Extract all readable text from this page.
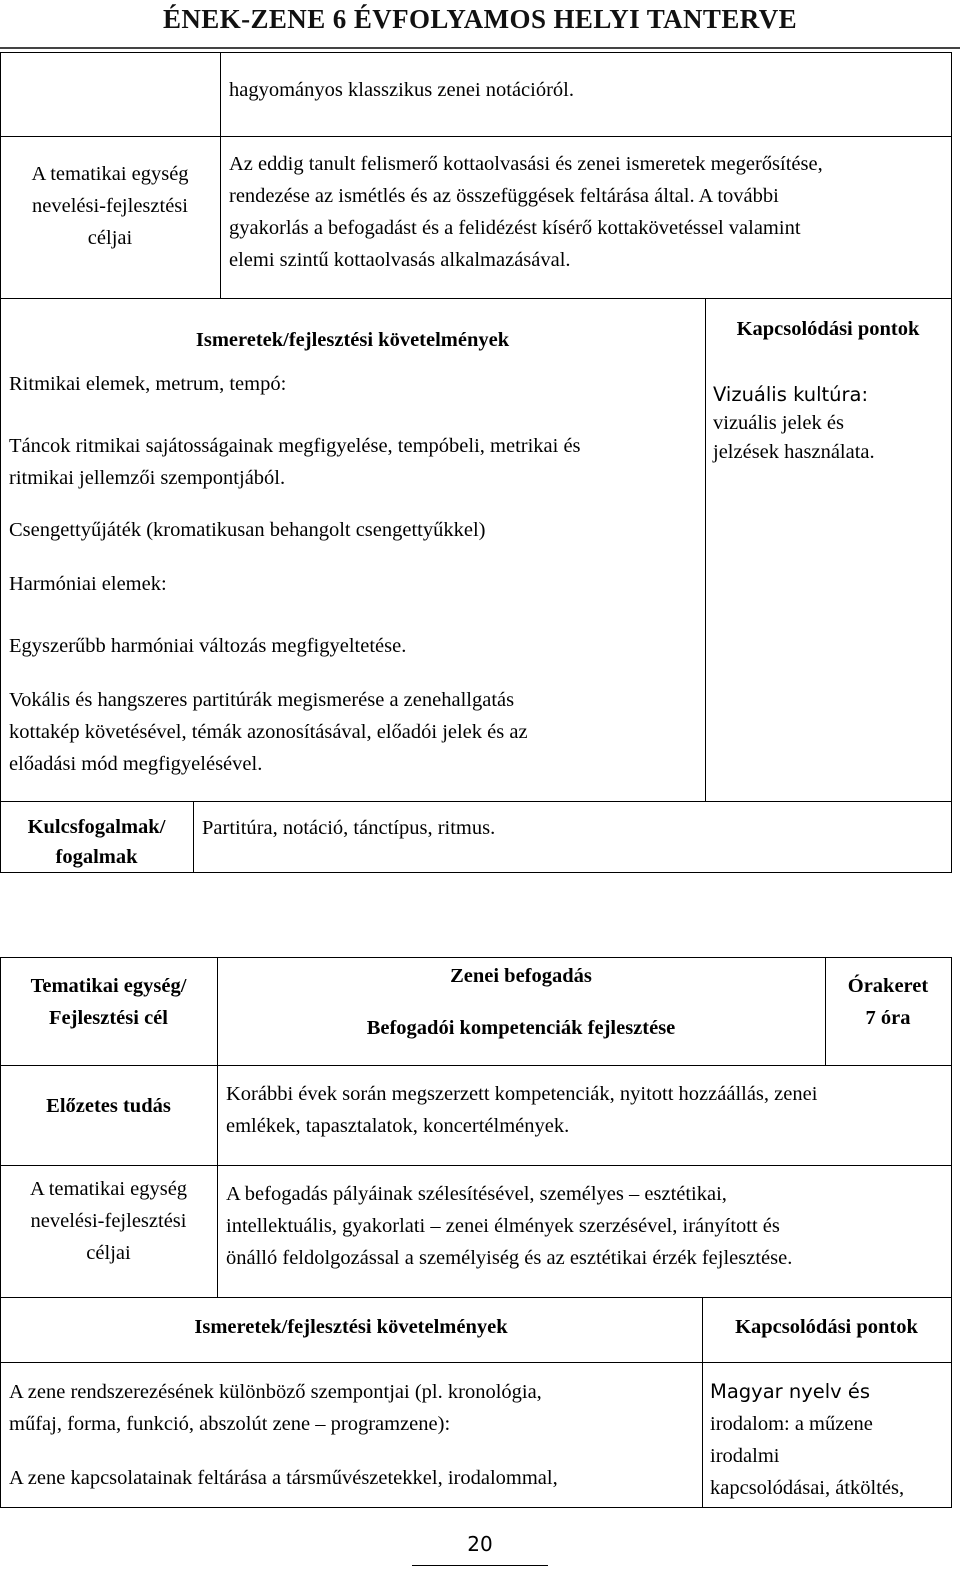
ÉNEK-ZENE 6 ÉVFOLYAMOS HELYI TANTERVE
hagyományos klasszikus zenei notációról.

A tematikai egység

nevelési-fejlesztési

céljai

Az eddig tanult felismerő kottaolvasási és zenei ismeretek megerősítése,

rendezése az ismétlés és az összefüggések feltárása által. A további

gyakorlás a befogadást és a felidézést kísérő kottakövetéssel valamint

elemi szintű kottaolvasás alkalmazásával.

Ismeretek/fejlesztési követelmények	Kapcsolódási pontok
Ritmikai elemek, metrum, tempó:
Táncok ritmikai sajátosságainak megfigyelése, tempóbeli, metrikai és
ritmikai jellemzői szempontjából.
Csengettyűjáték (kromatikusan behangolt csengettyűkkel)
Harmóniai elemek:
Egyszerűbb harmóniai változás megfigyeltetése.
Vokális és hangszeres partitúrák megismerése a zenehallgatás
kottakép követésével, témák azonosításával, előadói jelek és az
előadási mód megfigyelésével.

Vizuális kultúra:

vizuális jelek és

jelzések használata.

Kulcsfogalmak/

fogalmak

Partitúra, notáció, tánctípus, ritmus.

Tematikai egység/

Fejlesztési cél

Zenei befogadás
Befogadói kompetenciák fejlesztése

Órakeret

7 óra

Előzetes tudás

Korábbi évek során megszerzett kompetenciák, nyitott hozzáállás, zenei

emlékek, tapasztalatok, koncertélmények.

A tematikai egység

nevelési-fejlesztési

céljai

A befogadás pályáinak szélesítésével, személyes – esztétikai,

intellektuális, gyakorlati – zenei élmények szerzésével, irányított és

önálló feldolgozással a személyiség és az esztétikai érzék fejlesztése.

Ismeretek/fejlesztési követelmények	Kapcsolódási pontok
A zene rendszerezésének különböző szempontjai (pl. kronológia,
műfaj, forma, funkció, abszolút zene – programzene):
A zene kapcsolatainak feltárása a társművészetekkel, irodalommal,

Magyar nyelv és

irodalom: a műzene

irodalmi

kapcsolódásai, átköltés,

20
